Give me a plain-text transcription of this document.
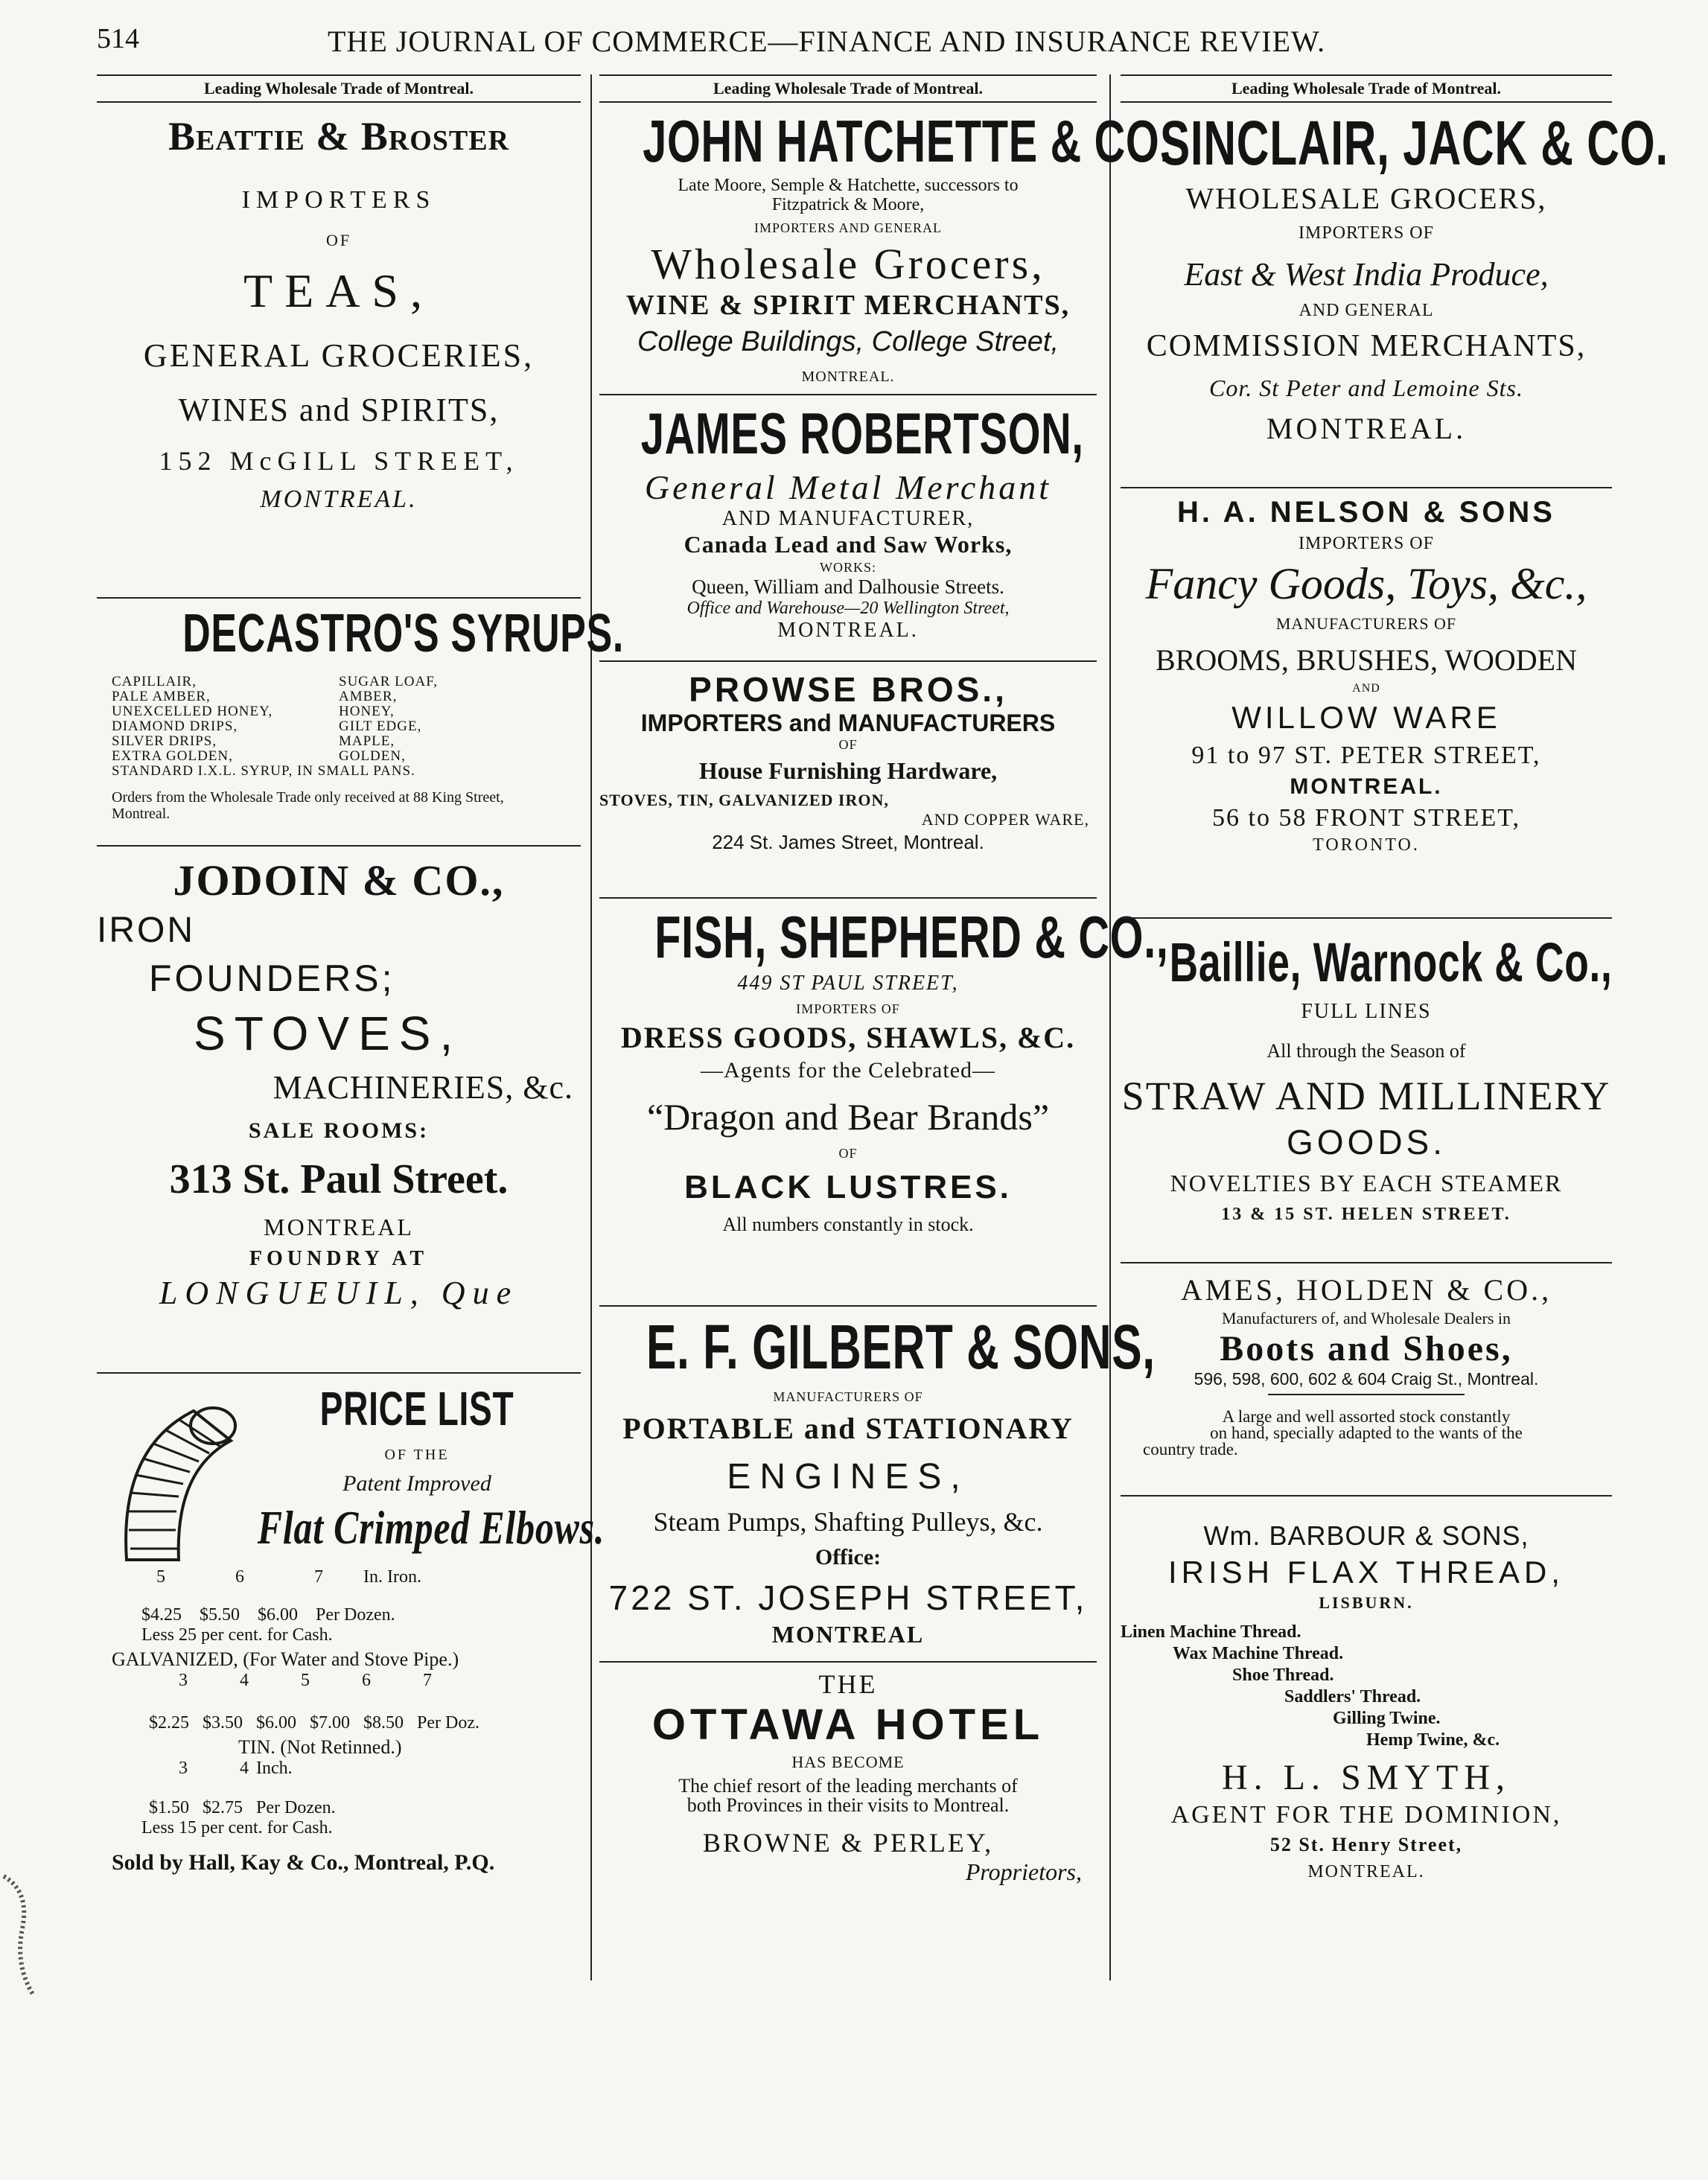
514	THE JOURNAL OF COMMERCE—FINANCE AND INSURANCE REVIEW.
Leading Wholesale Trade of Montreal.
Beattie & Broster
IMPORTERS
OF
TEAS,
GENERAL GROCERIES,
WINES and SPIRITS,
152 McGILL STREET,
MONTREAL.
DECASTRO'S SYRUPS.
CAPILLAIR,	SUGAR LOAF,
PALE AMBER,	AMBER,
UNEXCELLED HONEY,	HONEY,
DIAMOND DRIPS,	GILT EDGE,
SILVER DRIPS,	MAPLE,
EXTRA GOLDEN,	GOLDEN,
STANDARD I.X.L. SYRUP, IN SMALL PANS.
Orders from the Wholesale Trade only received at 88 King Street, Montreal.
JODOIN & CO.,
IRON
FOUNDERS;
STOVES,
MACHINERIES, &c.
SALE ROOMS:
313 St. Paul Street.
MONTREAL
FOUNDRY AT
LONGUEUIL, Que
PRICE LIST
OF THE
Patent Improved
Flat Crimped Elbows.
5	6	7 In. Iron.
$4.25 $5.50 $6.00 Per Dozen.
Less 25 per cent. for Cash.
GALVANIZED, (For Water and Stove Pipe.)
3	4	5	6	7
$2.25 $3.50 $6.00 $7.00 $8.50 Per Doz.
TIN. (Not Retinned.)
3	4 Inch.
$1.50 $2.75 Per Dozen.
Less 15 per cent. for Cash.
Sold by Hall, Kay & Co., Montreal, P.Q.
Leading Wholesale Trade of Montreal.
JOHN HATCHETTE & CO.
Late Moore, Semple & Hatchette, successors to
Fitzpatrick & Moore,
IMPORTERS AND GENERAL
Wholesale Grocers,
WINE & SPIRIT MERCHANTS,
College Buildings, College Street,
MONTREAL.
JAMES ROBERTSON,
General Metal Merchant
AND MANUFACTURER,
Canada Lead and Saw Works,
WORKS:
Queen, William and Dalhousie Streets.
Office and Warehouse—20 Wellington Street,
MONTREAL.
PROWSE BROS.,
IMPORTERS and MANUFACTURERS
OF
House Furnishing Hardware,
STOVES, TIN, GALVANIZED IRON,
AND COPPER WARE,
224 St. James Street, Montreal.
FISH, SHEPHERD & CO.,
449 ST PAUL STREET,
IMPORTERS OF
DRESS GOODS, SHAWLS, &C.
—Agents for the Celebrated—
“Dragon and Bear Brands”
OF
BLACK LUSTRES.
All numbers constantly in stock.
E. F. GILBERT & SONS,
MANUFACTURERS OF
PORTABLE and STATIONARY
ENGINES,
Steam Pumps, Shafting Pulleys, &c.
Office:
722 ST. JOSEPH STREET,
MONTREAL
THE
OTTAWA HOTEL
HAS BECOME
The chief resort of the leading merchants of
both Provinces in their visits to Montreal.
BROWNE & PERLEY,
Proprietors,
Leading Wholesale Trade of Montreal.
SINCLAIR, JACK & CO.
WHOLESALE GROCERS,
IMPORTERS OF
East & West India Produce,
AND GENERAL
COMMISSION MERCHANTS,
Cor. St Peter and Lemoine Sts.
MONTREAL.
H. A. NELSON & SONS
IMPORTERS OF
Fancy Goods, Toys, &c.,
MANUFACTURERS OF
BROOMS, BRUSHES, WOODEN
AND
WILLOW WARE
91 to 97 ST. PETER STREET,
MONTREAL.
56 to 58 FRONT STREET,
TORONTO.
Baillie, Warnock & Co.,
FULL LINES
All through the Season of
STRAW AND MILLINERY
GOODS.
NOVELTIES BY EACH STEAMER
13 & 15 ST. HELEN STREET.
AMES, HOLDEN & CO.,
Manufacturers of, and Wholesale Dealers in
Boots and Shoes,
596, 598, 600, 602 & 604 Craig St., Montreal.
A large and well assorted stock constantly
on hand, specially adapted to the wants of the
country trade.
Wm. BARBOUR & SONS,
IRISH FLAX THREAD,
LISBURN.
Linen Machine Thread.
Wax Machine Thread.
Shoe Thread.
Saddlers' Thread.
Gilling Twine.
Hemp Twine, &c.
H. L. SMYTH,
AGENT FOR THE DOMINION,
52 St. Henry Street,
MONTREAL.
